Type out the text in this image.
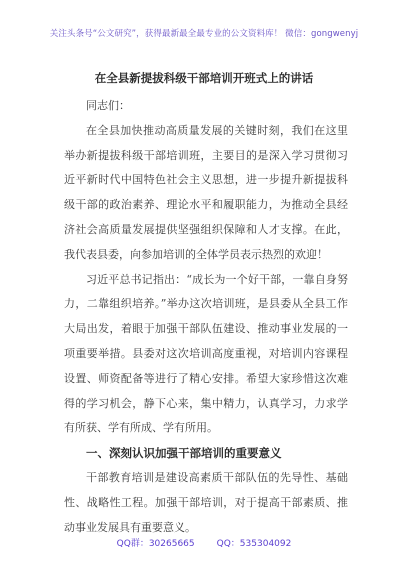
关注头条号“公文研究”，获得最新最全最专业的公文资料库！ 微信：gongwenyj
在全县新提拔科级干部培训开班式上的讲话

同志们：

在全县加快推动高质量发展的关键时刻，我们在这里举办新提拔科级干部培训班，主要目的是深入学习贯彻习近平新时代中国特色社会主义思想，进一步提升新提拔科级干部的政治素养、理论水平和履职能力，为推动全县经济社会高质量发展提供坚强组织保障和人才支撑。在此，我代表县委，向参加培训的全体学员表示热烈的欢迎！

习近平总书记指出：“成长为一个好干部，一靠自身努力，二靠组织培养。”举办这次培训班，是县委从全县工作大局出发，着眼于加强干部队伍建设、推动事业发展的一项重要举措。县委对这次培训高度重视，对培训内容课程设置、师资配备等进行了精心安排。希望大家珍惜这次难得的学习机会，静下心来，集中精力，认真学习，力求学有所获、学有所成、学有所用。

一、深刻认识加强干部培训的重要意义

干部教育培训是建设高素质干部队伍的先导性、基础性、战略性工程。加强干部培训，对于提高干部素质、推动事业发展具有重要意义。

QQ群：30265665 QQ：535304092
